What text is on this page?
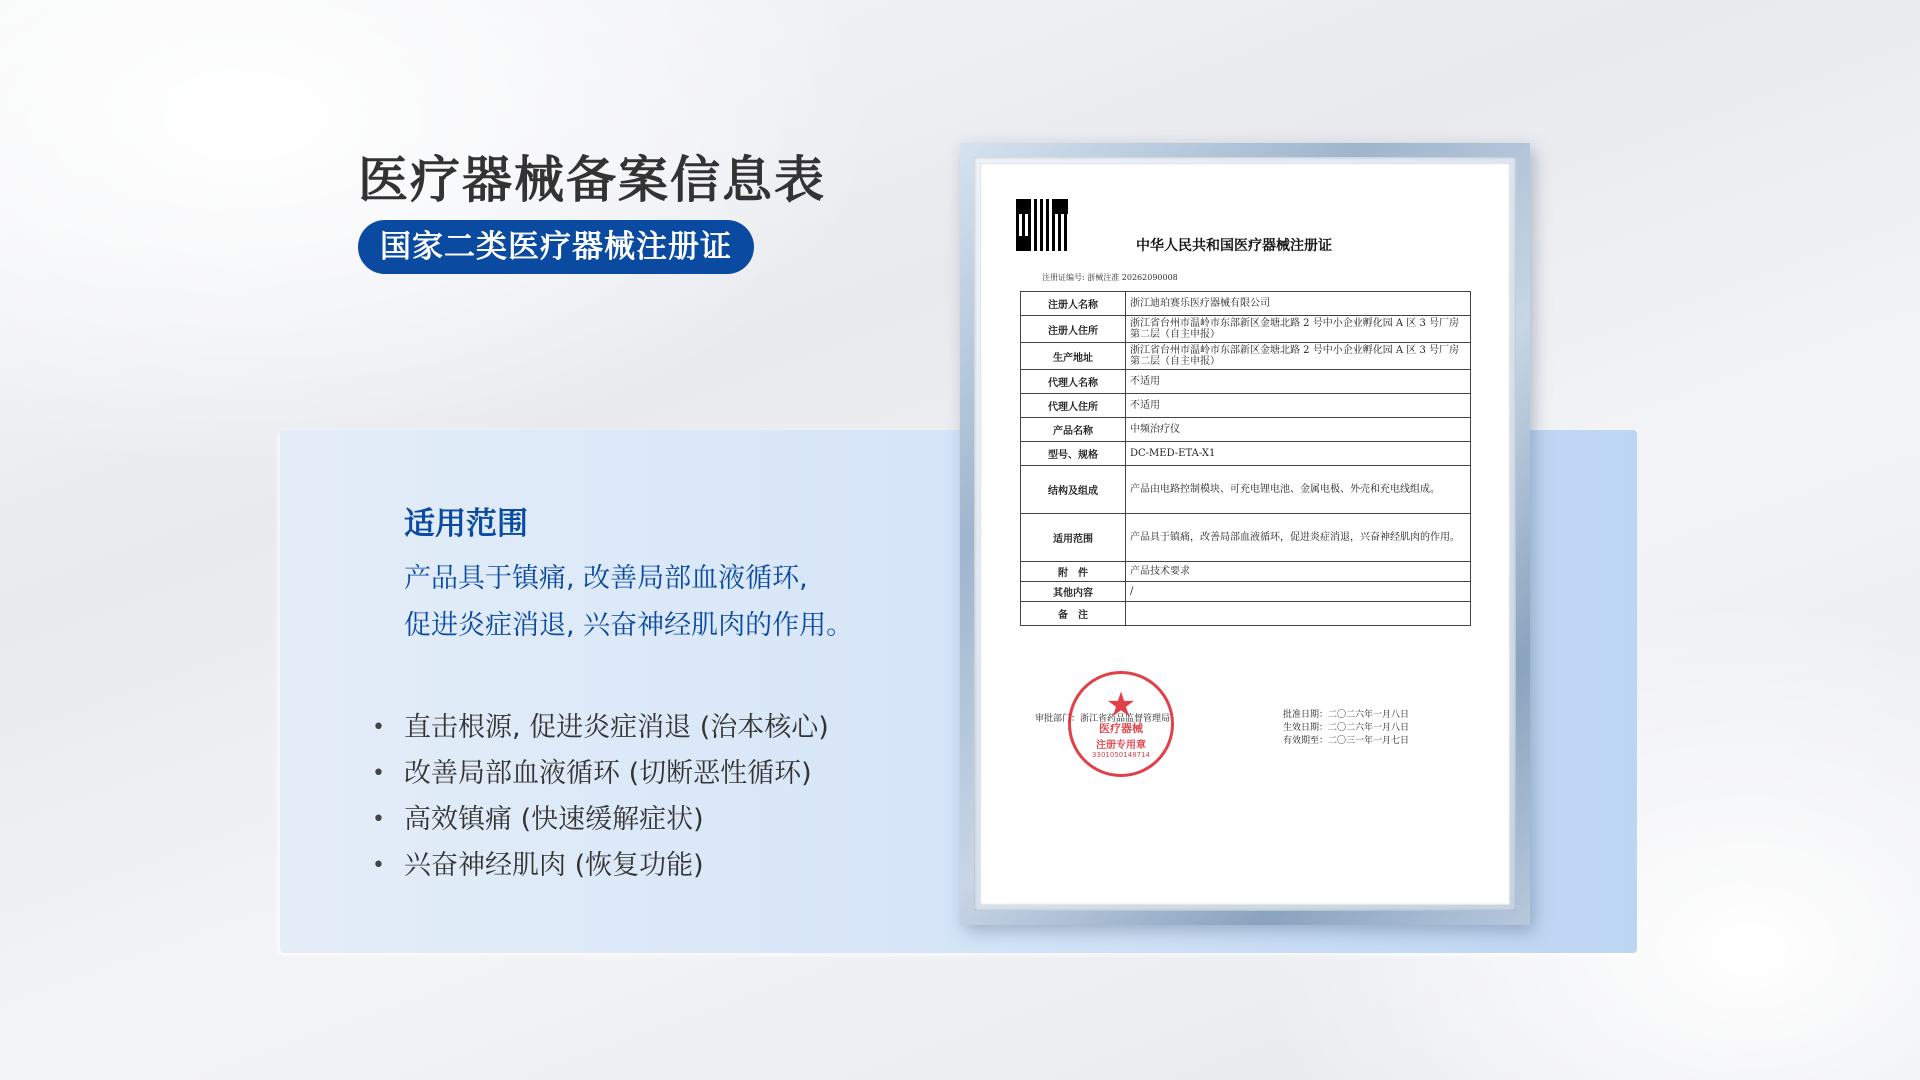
医疗器械备案信息表
国家二类医疗器械注册证
适用范围
产品具于镇痛, 改善局部血液循环,
促进炎症消退, 兴奋神经肌肉的作用。
• 直击根源, 促进炎症消退 (治本核心)
• 改善局部血液循环 (切断恶性循环)
• 高效镇痛 (快速缓解症状)
• 兴奋神经肌肉 (恢复功能)
中华人民共和国医疗器械注册证
注册证编号: 浙械注准 20262090008
注册人名称	浙江迪珀赛乐医疗器械有限公司
注册人住所	浙江省台州市温岭市东部新区金塘北路 2 号中小企业孵化园 A 区 3 号厂房第二层（自主申报）
生产地址	浙江省台州市温岭市东部新区金塘北路 2 号中小企业孵化园 A 区 3 号厂房第二层（自主申报）
代理人名称	不适用
代理人住所	不适用
产品名称	中频治疗仪
型号、规格	DC-MED-ETA-X1
结构及组成	产品由电路控制模块、可充电锂电池、金属电极、外壳和充电线组成。
适用范围	产品具于镇痛，改善局部血液循环，促进炎症消退，兴奋神经肌肉的作用。
附　件	产品技术要求
其他内容	/
备　注	
审批部门：浙江省药品监督管理局	批准日期：二〇二六年一月八日
生效日期：二〇二六年一月八日
有效期至：二〇三一年一月七日
★
医疗器械
注册专用章
3301050148714
